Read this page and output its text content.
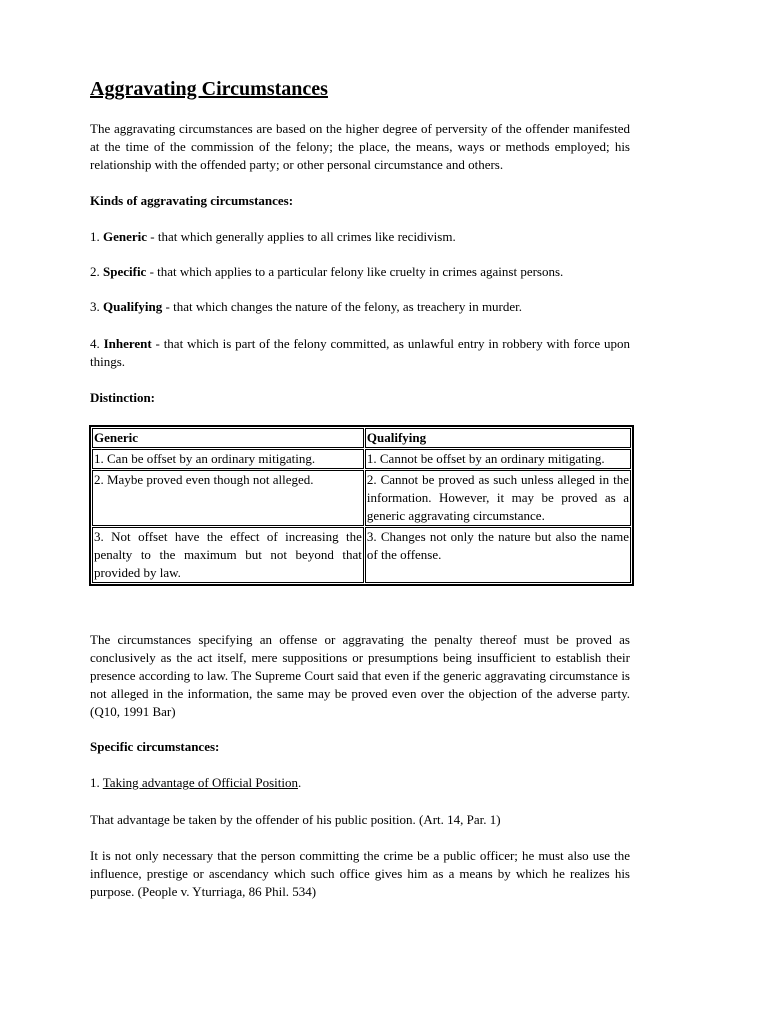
Aggravating Circumstances

The aggravating circumstances are based on the higher degree of perversity of the offender manifested at the time of the commission of the felony; the place, the means, ways or methods employed; his relationship with the offended party; or other personal circumstance and others.

Kinds of aggravating circumstances:

1. Generic - that which generally applies to all crimes like recidivism.

2. Specific - that which applies to a particular felony like cruelty in crimes against persons.

3. Qualifying - that which changes the nature of the felony, as treachery in murder.

4. Inherent - that which is part of the felony committed, as unlawful entry in robbery with force upon things.

Distinction:

Generic	Qualifying
1. Can be offset by an ordinary mitigating.	1. Cannot be offset by an ordinary mitigating.
2. Maybe proved even though not alleged.	2. Cannot be proved as such unless alleged in the information. However, it may be proved as a generic aggravating circumstance.
3. Not offset have the effect of increasing the penalty to the maximum but not beyond that provided by law.	3. Changes not only the nature but also the name of the offense.

The circumstances specifying an offense or aggravating the penalty thereof must be proved as conclusively as the act itself, mere suppositions or presumptions being insufficient to establish their presence according to law. The Supreme Court said that even if the generic aggravating circumstance is not alleged in the information, the same may be proved even over the objection of the adverse party. (Q10, 1991 Bar)

Specific circumstances:

1. Taking advantage of Official Position.

That advantage be taken by the offender of his public position. (Art. 14, Par. 1)

It is not only necessary that the person committing the crime be a public officer; he must also use the influence, prestige or ascendancy which such office gives him as a means by which he realizes his purpose. (People v. Yturriaga, 86 Phil. 534)
